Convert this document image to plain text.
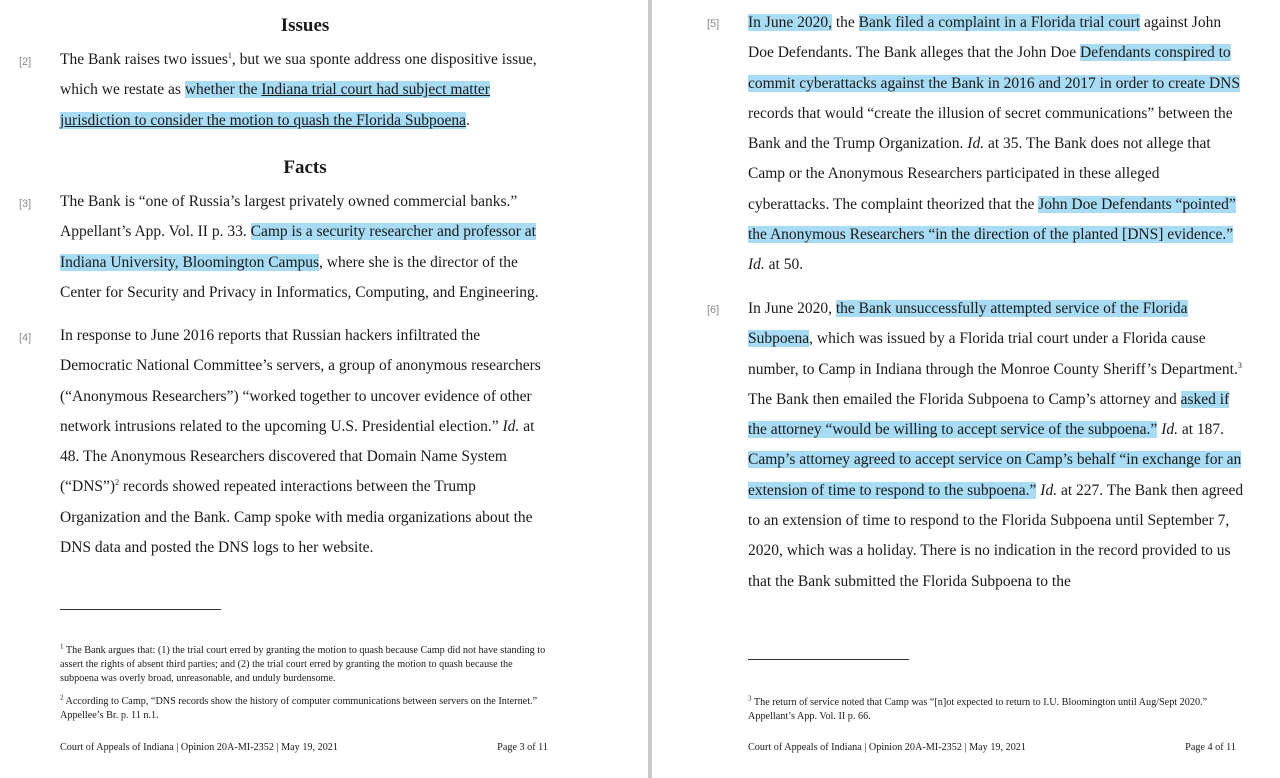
Issues
[2] The Bank raises two issues$^1$, but we sua sponte address one dispositive issue, which we restate as whether the Indiana trial court had subject matter jurisdiction to consider the motion to quash the Florida Subpoena.
Facts
[3] The Bank is “one of Russia’s largest privately owned commercial banks.” Appellant’s App. Vol. II p. 33. Camp is a security researcher and professor at Indiana University, Bloomington Campus, where she is the director of the Center for Security and Privacy in Informatics, Computing, and Engineering.
[4] In response to June 2016 reports that Russian hackers infiltrated the Democratic National Committee’s servers, a group of anonymous researchers (“Anonymous Researchers”) “worked together to uncover evidence of other network intrusions related to the upcoming U.S. Presidential election.” Id. at 48. The Anonymous Researchers discovered that Domain Name System (“DNS”)$^2$ records showed repeated interactions between the Trump Organization and the Bank. Camp spoke with media organizations about the DNS data and posted the DNS logs to her website.
$^1$ The Bank argues that: (1) the trial court erred by granting the motion to quash because Camp did not have standing to assert the rights of absent third parties; and (2) the trial court erred by granting the motion to quash because the subpoena was overly broad, unreasonable, and unduly burdensome.
$^2$ According to Camp, “DNS records show the history of computer communications between servers on the Internet.” Appellee’s Br. p. 11 n.1.
Court of Appeals of Indiana | Opinion 20A-MI-2352 | May 19, 2021	Page 3 of 11
[5] In June 2020, the Bank filed a complaint in a Florida trial court against John Doe Defendants. The Bank alleges that the John Doe Defendants conspired to commit cyberattacks against the Bank in 2016 and 2017 in order to create DNS records that would “create the illusion of secret communications” between the Bank and the Trump Organization. Id. at 35. The Bank does not allege that Camp or the Anonymous Researchers participated in these alleged cyberattacks. The complaint theorized that the John Doe Defendants “pointed” the Anonymous Researchers “in the direction of the planted [DNS] evidence.” Id. at 50.
[6] In June 2020, the Bank unsuccessfully attempted service of the Florida Subpoena, which was issued by a Florida trial court under a Florida cause number, to Camp in Indiana through the Monroe County Sheriff’s Department.$^3$ The Bank then emailed the Florida Subpoena to Camp’s attorney and asked if the attorney “would be willing to accept service of the subpoena.” Id. at 187. Camp’s attorney agreed to accept service on Camp’s behalf “in exchange for an extension of time to respond to the subpoena.” Id. at 227. The Bank then agreed to an extension of time to respond to the Florida Subpoena until September 7, 2020, which was a holiday. There is no indication in the record provided to us that the Bank submitted the Florida Subpoena to the
$^3$ The return of service noted that Camp was “[n]ot expected to return to I.U. Bloomington until Aug/Sept 2020.” Appellant’s App. Vol. II p. 66.
Court of Appeals of Indiana | Opinion 20A-MI-2352 | May 19, 2021	Page 4 of 11
